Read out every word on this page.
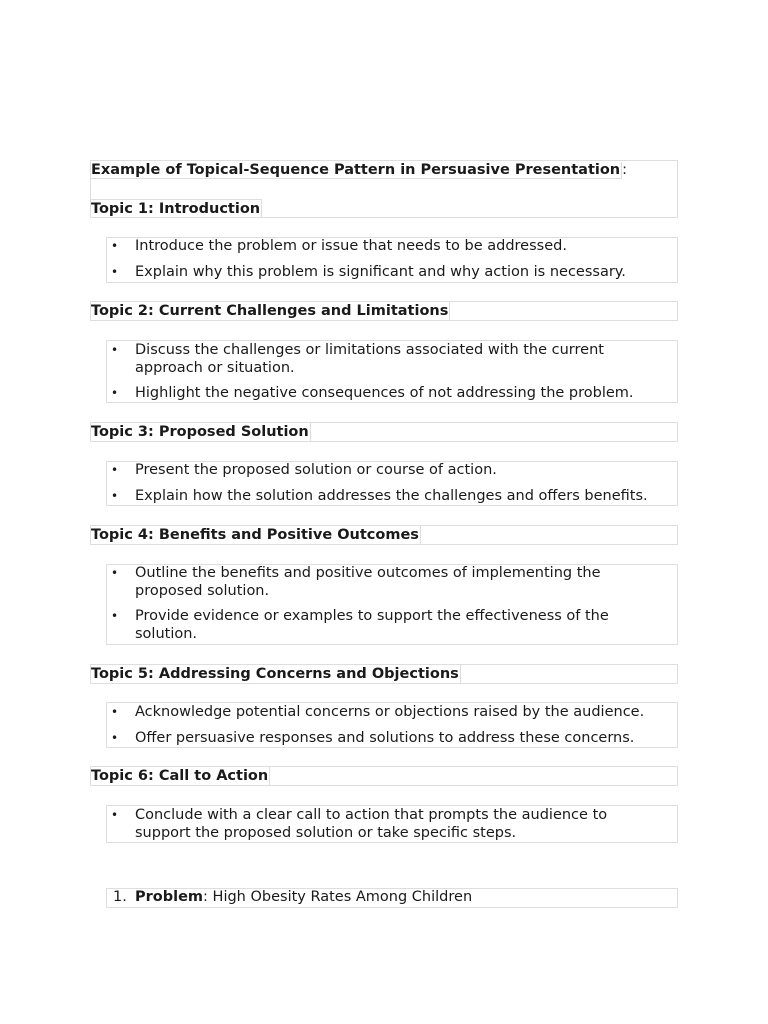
Example of Topical-Sequence Pattern in Persuasive Presentation :
Topic 1: Introduction
• Introduce the problem or issue that needs to be addressed.
• Explain why this problem is significant and why action is necessary.
Topic 2: Current Challenges and Limitations
• Discuss the challenges or limitations associated with the current approach or situation.
• Highlight the negative consequences of not addressing the problem.
Topic 3: Proposed Solution
• Present the proposed solution or course of action.
• Explain how the solution addresses the challenges and offers benefits.
Topic 4: Benefits and Positive Outcomes
• Outline the benefits and positive outcomes of implementing the proposed solution.
• Provide evidence or examples to support the effectiveness of the solution.
Topic 5: Addressing Concerns and Objections
• Acknowledge potential concerns or objections raised by the audience.
• Offer persuasive responses and solutions to address these concerns.
Topic 6: Call to Action
• Conclude with a clear call to action that prompts the audience to support the proposed solution or take specific steps.
1. Problem: High Obesity Rates Among Children
